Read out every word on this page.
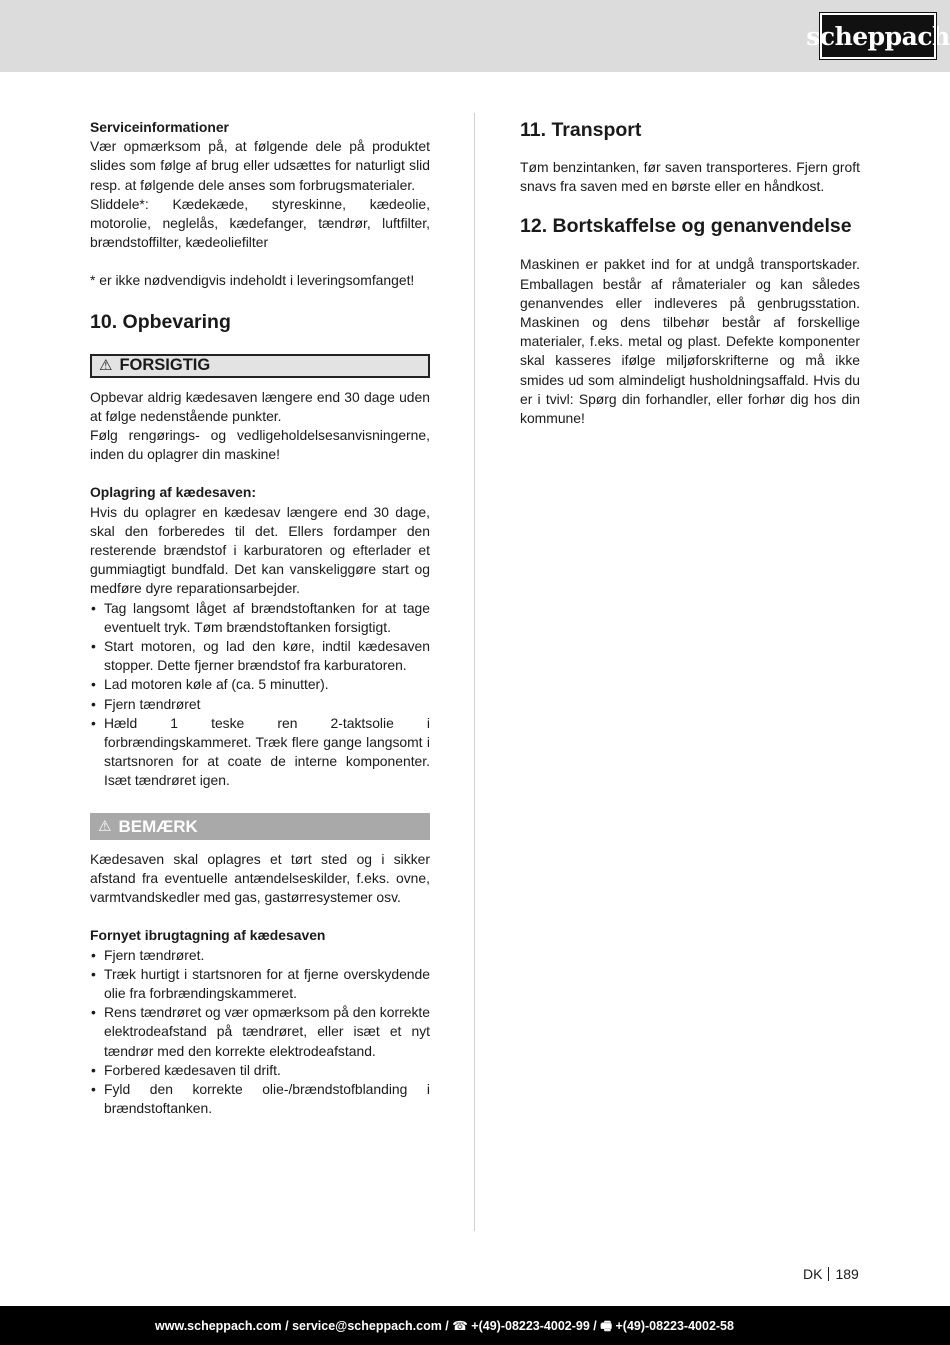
scheppach

Serviceinformationer

Vær opmærksom på, at følgende dele på produktet slides som følge af brug eller udsættes for naturligt slid resp. at følgende dele anses som forbrugsmaterialer.

Sliddele*: Kædekæde, styreskinne, kædeolie, motorolie, neglelås, kædefanger, tændrør, luftfilter, brændstoffilter, kædeoliefilter

* er ikke nødvendigvis indeholdt i leveringsomfanget!

10. Opbevaring

⚠ FORSIGTIG

Opbevar aldrig kædesaven længere end 30 dage uden at følge nedenstående punkter.

Følg rengørings- og vedligeholdelsesanvisningerne, inden du oplagrer din maskine!

Oplagring af kædesaven:

Hvis du oplagrer en kædesav længere end 30 dage, skal den forberedes til det. Ellers fordamper den resterende brændstof i karburatoren og efterlader et gummiagtigt bundfald. Det kan vanskeliggøre start og medføre dyre reparationsarbejder.

• Tag langsomt låget af brændstoftanken for at tage eventuelt tryk. Tøm brændstoftanken forsigtigt.
• Start motoren, og lad den køre, indtil kædesaven stopper. Dette fjerner brændstof fra karburatoren.
• Lad motoren køle af (ca. 5 minutter).
• Fjern tændrøret
• Hæld 1 teske ren 2-taktsolie i forbrændingskammeret. Træk flere gange langsomt i startsnoren for at coate de interne komponenter. Isæt tændrøret igen.
⚠ BEMÆRK

Kædesaven skal oplagres et tørt sted og i sikker afstand fra eventuelle antændelseskilder, f.eks. ovne, varmtvandskedler med gas, gastørresystemer osv.

Fornyet ibrugtagning af kædesaven

• Fjern tændrøret.
• Træk hurtigt i startsnoren for at fjerne overskydende olie fra forbrændingskammeret.
• Rens tændrøret og vær opmærksom på den korrekte elektrodeafstand på tændrøret, eller isæt et nyt tændrør med den korrekte elektrodeafstand.
• Forbered kædesaven til drift.
• Fyld den korrekte olie-/brændstofblanding i brændstoftanken.

11. Transport

Tøm benzintanken, før saven transporteres. Fjern groft snavs fra saven med en børste eller en håndkost.

12. Bortskaffelse og genanvendelse

Maskinen er pakket ind for at undgå transportskader. Emballagen består af råmaterialer og kan således genanvendes eller indleveres på genbrugsstation. Maskinen og dens tilbehør består af forskellige materialer, f.eks. metal og plast. Defekte komponenter skal kasseres ifølge miljøforskrifterne og må ikke smides ud som almindeligt husholdningsaffald. Hvis du er i tvivl: Spørg din forhandler, eller forhør dig hos din kommune!

DK 189
www.scheppach.com / service@scheppach.com / ☎ +(49)-08223-4002-99 / 🖷 +(49)-08223-4002-58
